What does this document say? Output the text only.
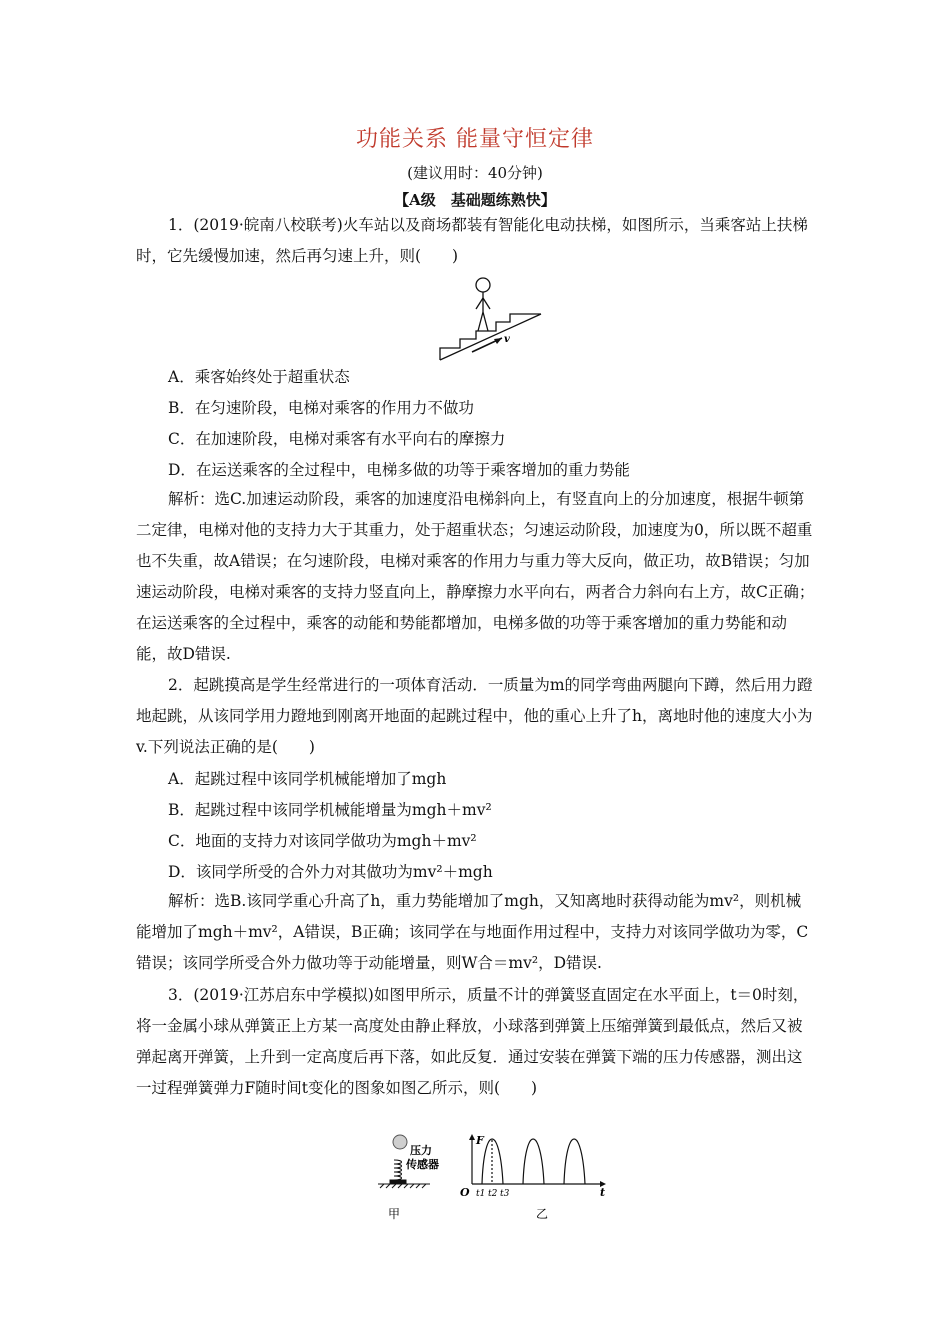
功能关系 能量守恒定律
(建议用时：40分钟)
【A级　基础题练熟快】

1．(2019·皖南八校联考)火车站以及商场都装有智能化电动扶梯，如图所示，当乘客站上扶梯时，它先缓慢加速，然后再匀速上升，则(　　)

v

A．乘客始终处于超重状态

B．在匀速阶段，电梯对乘客的作用力不做功

C．在加速阶段，电梯对乘客有水平向右的摩擦力

D．在运送乘客的全过程中，电梯多做的功等于乘客增加的重力势能

解析：选C.加速运动阶段，乘客的加速度沿电梯斜向上，有竖直向上的分加速度，根据牛顿第二定律，电梯对他的支持力大于其重力，处于超重状态；匀速运动阶段，加速度为0，所以既不超重也不失重，故A错误；在匀速阶段，电梯对乘客的作用力与重力等大反向，做正功，故B错误；匀加速运动阶段，电梯对乘客的支持力竖直向上，静摩擦力水平向右，两者合力斜向右上方，故C正确；在运送乘客的全过程中，乘客的动能和势能都增加，电梯多做的功等于乘客增加的重力势能和动能，故D错误.

2．起跳摸高是学生经常进行的一项体育活动．一质量为m的同学弯曲两腿向下蹲，然后用力蹬地起跳，从该同学用力蹬地到刚离开地面的起跳过程中，他的重心上升了h，离地时他的速度大小为v.下列说法正确的是(　　)

A．起跳过程中该同学机械能增加了mgh

B．起跳过程中该同学机械能增量为mgh＋mv²

C．地面的支持力对该同学做功为mgh＋mv²

D．该同学所受的合外力对其做功为mv²＋mgh

解析：选B.该同学重心升高了h，重力势能增加了mgh，又知离地时获得动能为mv²，则机械能增加了mgh＋mv²，A错误，B正确；该同学在与地面作用过程中，支持力对该同学做功为零，C错误；该同学所受合外力做功等于动能增量，则W合＝mv²，D错误.

3．(2019·江苏启东中学模拟)如图甲所示，质量不计的弹簧竖直固定在水平面上，t＝0时刻，将一金属小球从弹簧正上方某一高度处由静止释放，小球落到弹簧上压缩弹簧到最低点，然后又被弹起离开弹簧，上升到一定高度后再下落，如此反复．通过安装在弹簧下端的压力传感器，测出这一过程弹簧弹力F随时间t变化的图象如图乙所示，则(　　)

压力
传感器
甲
F
t
O t1 t2 t3
乙
